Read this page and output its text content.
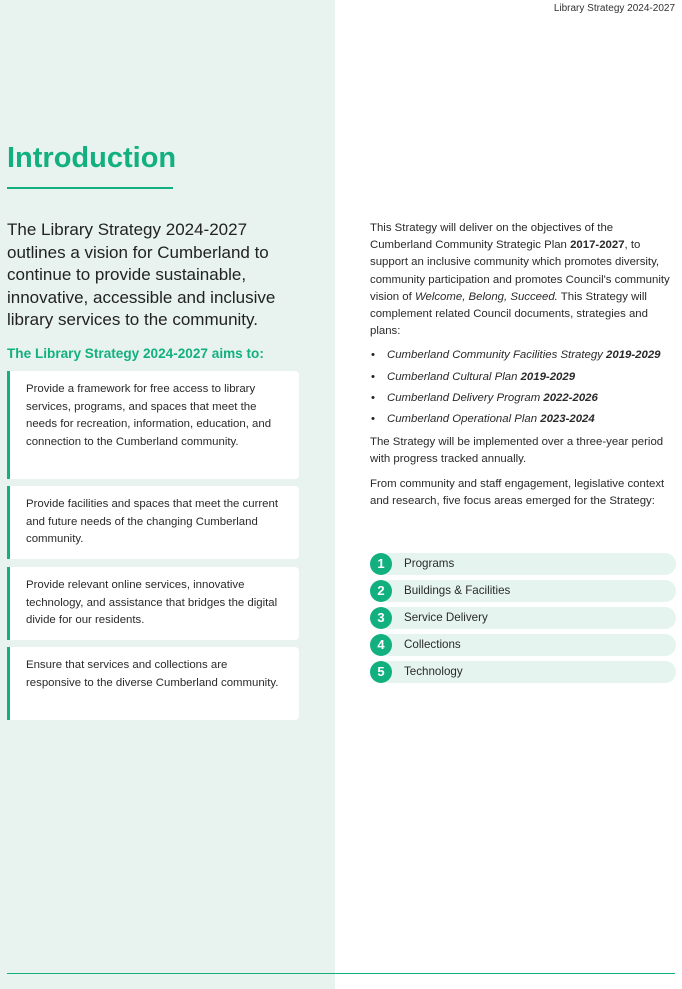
Library Strategy 2024-2027
Introduction
The Library Strategy 2024-2027 outlines a vision for Cumberland to continue to provide sustainable, innovative, accessible and inclusive library services to the community.
The Library Strategy 2024-2027 aims to:
Provide a framework for free access to library services, programs, and spaces that meet the needs for recreation, information, education, and connection to the Cumberland community.
Provide facilities and spaces that meet the current and future needs of the changing Cumberland community.
Provide relevant online services, innovative technology, and assistance that bridges the digital divide for our residents.
Ensure that services and collections are responsive to the diverse Cumberland community.

This Strategy will deliver on the objectives of the Cumberland Community Strategic Plan 2017-2027, to support an inclusive community which promotes diversity, community participation and promotes Council's community vision of Welcome, Belong, Succeed. This Strategy will complement related Council documents, strategies and plans:

• Cumberland Community Facilities Strategy 2019-2029
• Cumberland Cultural Plan 2019-2029
• Cumberland Delivery Program 2022-2026
• Cumberland Operational Plan 2023-2024

The Strategy will be implemented over a three-year period with progress tracked annually.

From community and staff engagement, legislative context and research, five focus areas emerged for the Strategy:

1	Programs
2	Buildings & Facilities
3	Service Delivery
4	Collections
5	Technology
